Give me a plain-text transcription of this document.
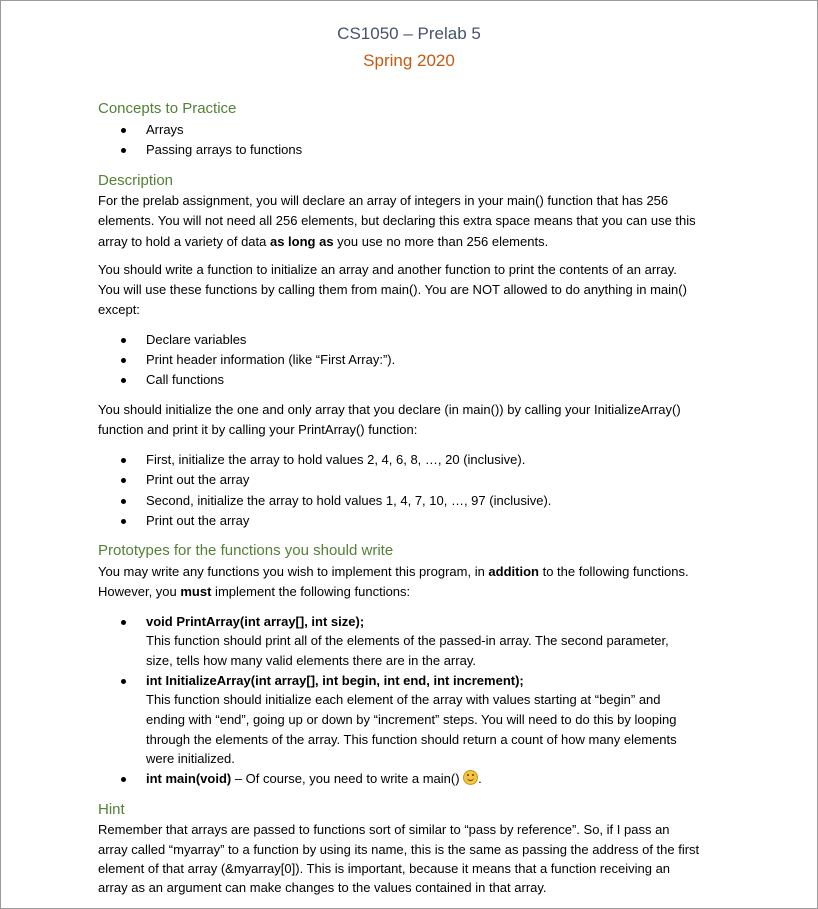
CS1050 – Prelab 5
Spring 2020
Concepts to Practice
Arrays
Passing arrays to functions
Description
For the prelab assignment, you will declare an array of integers in your main() function that has 256
elements. You will not need all 256 elements, but declaring this extra space means that you can use this
array to hold a variety of data as long as you use no more than 256 elements.
You should write a function to initialize an array and another function to print the contents of an array.
You will use these functions by calling them from main(). You are NOT allowed to do anything in main()
except:
Declare variables
Print header information (like “First Array:”).
Call functions
You should initialize the one and only array that you declare (in main()) by calling your InitializeArray()
function and print it by calling your PrintArray() function:
First, initialize the array to hold values 2, 4, 6, 8, …, 20 (inclusive).
Print out the array
Second, initialize the array to hold values 1, 4, 7, 10, …, 97 (inclusive).
Print out the array
Prototypes for the functions you should write
You may write any functions you wish to implement this program, in addition to the following functions.
However, you must implement the following functions:
void PrintArray(int array[], int size);
This function should print all of the elements of the passed-in array. The second parameter,
size, tells how many valid elements there are in the array.
int InitializeArray(int array[], int begin, int end, int increment);
This function should initialize each element of the array with values starting at “begin” and
ending with “end”, going up or down by “increment” steps. You will need to do this by looping
through the elements of the array. This function should return a count of how many elements
were initialized.
int main(void) – Of course, you need to write a main() .
Hint
Remember that arrays are passed to functions sort of similar to “pass by reference”. So, if I pass an
array called “myarray” to a function by using its name, this is the same as passing the address of the first
element of that array (&myarray[0]). This is important, because it means that a function receiving an
array as an argument can make changes to the values contained in that array.
